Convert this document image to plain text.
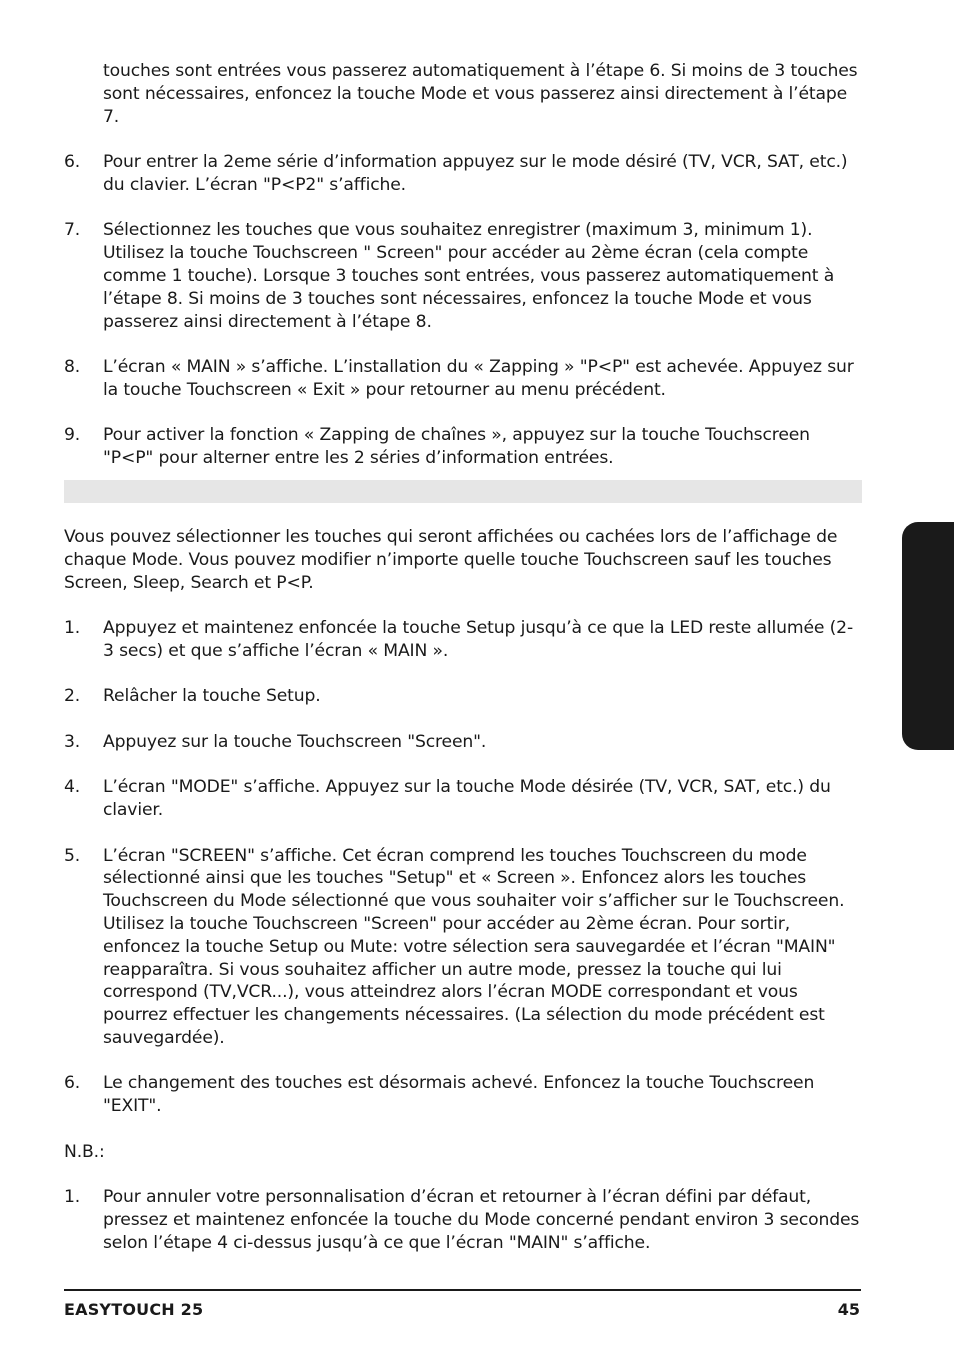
touches sont entrées vous passerez automatiquement à l’étape 6. Si moins de 3 touches sont nécessaires, enfoncez la touche Mode et vous passerez ainsi directement à l’étape 7.
6.	Pour entrer la 2eme série d’information appuyez sur le mode désiré (TV, VCR, SAT, etc.) du clavier. L’écran "P<P2" s’affiche.
7.	Sélectionnez les touches que vous souhaitez enregistrer (maximum 3, minimum 1). Utilisez la touche Touchscreen " Screen" pour accéder au 2ème écran (cela compte comme 1 touche). Lorsque 3 touches sont entrées, vous passerez automatiquement à l’étape 8. Si moins de 3 touches sont nécessaires, enfoncez la touche Mode et vous passerez ainsi directement à l’étape 8.
8.	L’écran « MAIN » s’affiche. L’installation du « Zapping » "P<P" est achevée. Appuyez sur la touche Touchscreen « Exit » pour retourner au menu précédent.
9.	Pour activer la fonction « Zapping de chaînes », appuyez sur la touche Touchscreen "P<P" pour alterner entre les 2 séries d’information entrées.
Vous pouvez sélectionner les touches qui seront affichées ou cachées lors de l’affichage de chaque Mode. Vous pouvez modifier n’importe quelle touche Touchscreen sauf les touches Screen, Sleep, Search et P<P.
1.	Appuyez et maintenez enfoncée la touche Setup jusqu’à ce que la LED reste allumée (2-3 secs) et que s’affiche l’écran « MAIN ».
2.	Relâcher la touche Setup.
3.	Appuyez sur la touche Touchscreen "Screen".
4.	L’écran "MODE" s’affiche. Appuyez sur la touche Mode désirée (TV, VCR, SAT, etc.) du clavier.
5.	L’écran "SCREEN" s’affiche. Cet écran comprend les touches Touchscreen du mode sélectionné ainsi que les touches "Setup" et « Screen ». Enfoncez alors les touches Touchscreen du Mode sélectionné que vous souhaiter voir s’afficher sur le Touchscreen. Utilisez la touche Touchscreen "Screen" pour accéder au 2ème écran. Pour sortir, enfoncez la touche Setup ou Mute: votre sélection sera sauvegardée et l’écran "MAIN" reapparaîtra. Si vous souhaitez afficher un autre mode, pressez la touche qui lui correspond (TV,VCR...), vous atteindrez alors l’écran MODE correspondant et vous pourrez effectuer les changements nécessaires. (La sélection du mode précédent est sauvegardée).
6.	Le changement des touches est désormais achevé. Enfoncez la touche Touchscreen "EXIT".
N.B.:
1.	Pour annuler votre personnalisation d’écran et retourner à l’écran défini par défaut, pressez et maintenez enfoncée la touche du Mode concerné pendant environ 3 secondes selon l’étape 4 ci-dessus jusqu’à ce que l’écran "MAIN" s’affiche.
EASYTOUCH 25	45
